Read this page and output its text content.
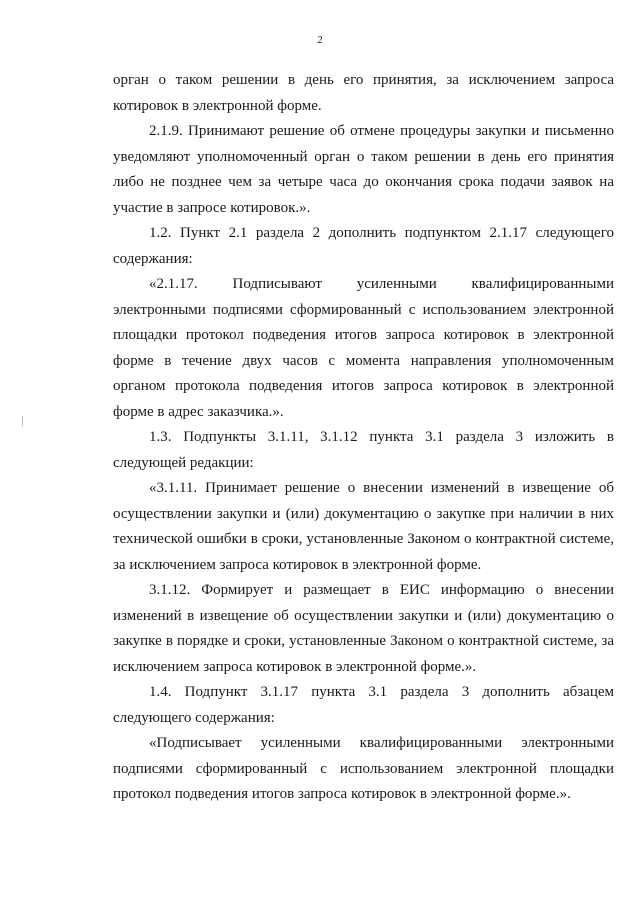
2

орган о таком решении в день его принятия, за исключением запроса котировок в электронной форме.

2.1.9. Принимают решение об отмене процедуры закупки и письменно уведомляют уполномоченный орган о таком решении в день его принятия либо не позднее чем за четыре часа до окончания срока подачи заявок на участие в запросе котировок.».

1.2. Пункт 2.1 раздела 2 дополнить подпунктом 2.1.17 следующего содержания:

«2.1.17. Подписывают усиленными квалифицированными электронными подписями сформированный с использованием электронной площадки протокол подведения итогов запроса котировок в электронной форме в течение двух часов с момента направления уполномоченным органом протокола подведения итогов запроса котировок в электронной форме в адрес заказчика.».

1.3. Подпункты 3.1.11, 3.1.12 пункта 3.1 раздела 3 изложить в следующей редакции:

«3.1.11. Принимает решение о внесении изменений в извещение об осуществлении закупки и (или) документацию о закупке при наличии в них технической ошибки в сроки, установленные Законом о контрактной системе, за исключением запроса котировок в электронной форме.

3.1.12. Формирует и размещает в ЕИС информацию о внесении изменений в извещение об осуществлении закупки и (или) документацию о закупке в порядке и сроки, установленные Законом о контрактной системе, за исключением запроса котировок в электронной форме.».

1.4. Подпункт 3.1.17 пункта 3.1 раздела 3 дополнить абзацем следующего содержания:

«Подписывает усиленными квалифицированными электронными подписями сформированный с использованием электронной площадки протокол подведения итогов запроса котировок в электронной форме.».
